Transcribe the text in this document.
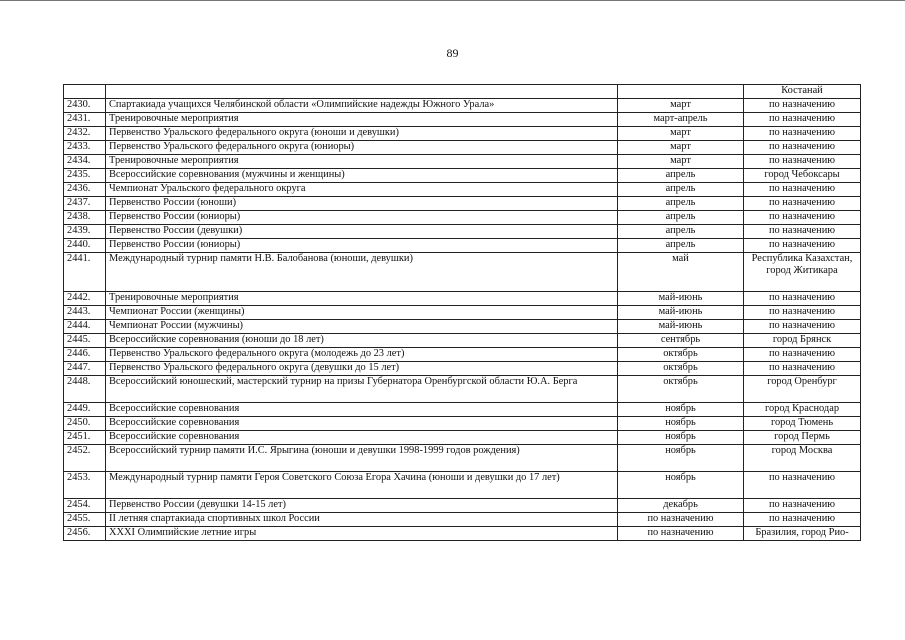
89
			Костанай
2430.	Спартакиада учащихся Челябинской области «Олимпийские надежды Южного Урала»	март	по назначению
2431.	Тренировочные мероприятия	март-апрель	по назначению
2432.	Первенство Уральского федерального округа (юноши и девушки)	март	по назначению
2433.	Первенство Уральского федерального округа (юниоры)	март	по назначению
2434.	Тренировочные мероприятия	март	по назначению
2435.	Всероссийские соревнования (мужчины и женщины)	апрель	город Чебоксары
2436.	Чемпионат Уральского федерального округа	апрель	по назначению
2437.	Первенство России (юноши)	апрель	по назначению
2438.	Первенство России (юниоры)	апрель	по назначению
2439.	Первенство России (девушки)	апрель	по назначению
2440.	Первенство России (юниоры)	апрель	по назначению
2441.	Международный турнир памяти Н.В. Балобанова (юноши, девушки)	май	Республика Казахстан, город Житикара
2442.	Тренировочные мероприятия	май-июнь	по назначению
2443.	Чемпионат России (женщины)	май-июнь	по назначению
2444.	Чемпионат России (мужчины)	май-июнь	по назначению
2445.	Всероссийские соревнования (юноши до 18 лет)	сентябрь	город Брянск
2446.	Первенство Уральского федерального округа (молодежь до 23 лет)	октябрь	по назначению
2447.	Первенство Уральского федерального округа (девушки до 15 лет)	октябрь	по назначению
2448.	Всероссийский юношеский, мастерский турнир на призы Губернатора Оренбургской области Ю.А. Берга	октябрь	город Оренбург
2449.	Всероссийские соревнования	ноябрь	город Краснодар
2450.	Всероссийские соревнования	ноябрь	город Тюмень
2451.	Всероссийские соревнования	ноябрь	город Пермь
2452.	Всероссийский турнир памяти И.С. Ярыгина (юноши и девушки 1998-1999 годов рождения)	ноябрь	город Москва
2453.	Международный турнир памяти Героя Советского Союза Егора Хачина (юноши и девушки до 17 лет)	ноябрь	по назначению
2454.	Первенство России (девушки 14-15 лет)	декабрь	по назначению
2455.	II летняя спартакиада спортивных школ России	по назначению	по назначению
2456.	XXXI Олимпийские летние игры	по назначению	Бразилия, город Рио-
